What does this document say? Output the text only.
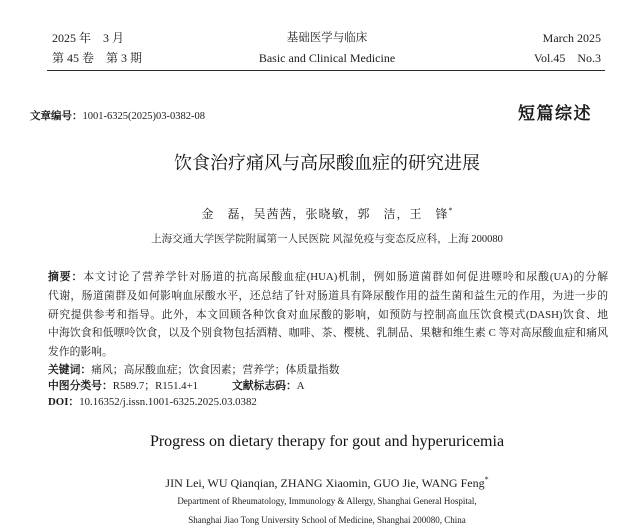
2025 年　3 月
第 45 卷　第 3 期
基础医学与临床
Basic and Clinical Medicine
March 2025
Vol.45　No.3
文章编号：1001-6325(2025)03-0382-08	短篇综述
饮食治疗痛风与高尿酸血症的研究进展
金　磊，吴茜茜，张晓敏，郭　洁，王　锋*
上海交通大学医学院附属第一人民医院 风湿免疫与变态反应科，上海 200080
摘要：本文讨论了营养学针对肠道的抗高尿酸血症(HUA)机制，例如肠道菌群如何促进嘌呤和尿酸(UA)的分解
代谢，肠道菌群及如何影响血尿酸水平，还总结了针对肠道具有降尿酸作用的益生菌和益生元的作用，为进一步的
研究提供参考和指导。此外，本文回顾各种饮食对血尿酸的影响，如预防与控制高血压饮食模式(DASH)饮食、地
中海饮食和低嘌呤饮食，以及个别食物包括酒精、咖啡、茶、樱桃、乳制品、果糖和维生素 C 等对高尿酸血症和痛风
发作的影响。
关键词：痛风；高尿酸血症；饮食因素；营养学；体质量指数
中图分类号：R589.7；R151.4+1	文献标志码：A
DOI：10.16352/j.issn.1001-6325.2025.03.0382
Progress on dietary therapy for gout and hyperuricemia
JIN Lei, WU Qianqian, ZHANG Xiaomin, GUO Jie, WANG Feng*
Department of Rheumatology, Immunology & Allergy, Shanghai General Hospital,
Shanghai Jiao Tong University School of Medicine, Shanghai 200080, China
